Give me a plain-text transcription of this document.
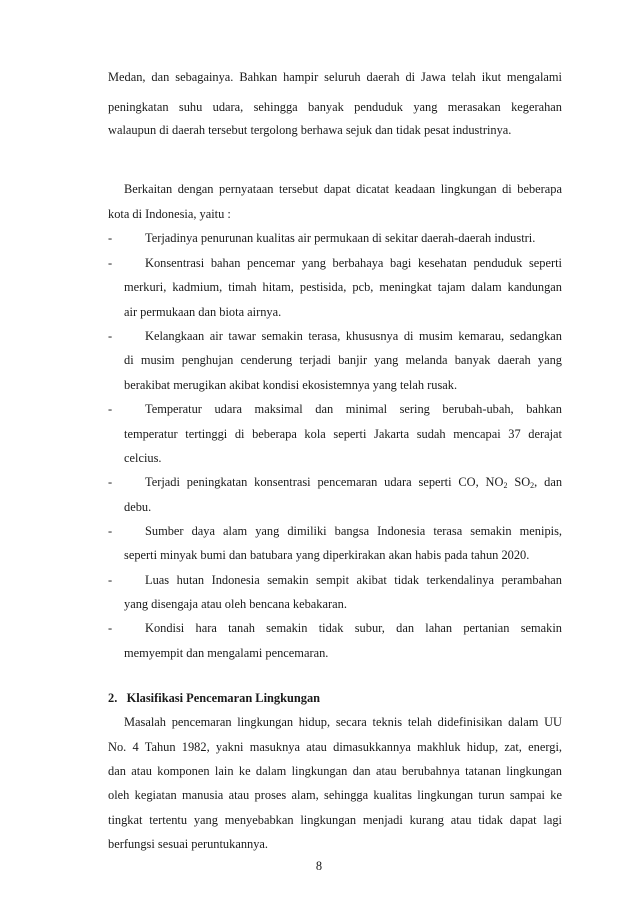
Medan, dan sebagainya. Bahkan hampir seluruh daerah di Jawa telah ikut mengalami
peningkatan suhu udara, sehingga banyak penduduk yang merasakan kegerahan
walaupun di daerah tersebut tergolong berhawa sejuk dan tidak pesat industrinya.
Berkaitan dengan pernyataan tersebut dapat dicatat keadaan lingkungan di beberapa
kota di Indonesia, yaitu :
-	Terjadinya penurunan kualitas air permukaan di sekitar daerah-daerah industri.
-	Konsentrasi bahan pencemar yang berbahaya bagi kesehatan penduduk seperti
merkuri, kadmium, timah hitam, pestisida, pcb, meningkat tajam dalam kandungan
air permukaan dan biota airnya.
-	Kelangkaan air tawar semakin terasa, khususnya di musim kemarau, sedangkan
di musim penghujan cenderung terjadi banjir yang melanda banyak daerah yang
berakibat merugikan akibat kondisi ekosistemnya yang telah rusak.
-	Temperatur udara maksimal dan minimal sering berubah-ubah, bahkan
temperatur tertinggi di beberapa kola seperti Jakarta sudah mencapai 37 derajat
celcius.
-	Terjadi peningkatan konsentrasi pencemaran udara seperti CO, $NO_2$ $SO_2$, dan
debu.
-	Sumber daya alam yang dimiliki bangsa Indonesia terasa semakin menipis,
seperti minyak bumi dan batubara yang diperkirakan akan habis pada tahun 2020.
-	Luas hutan Indonesia semakin sempit akibat tidak terkendalinya perambahan
yang disengaja atau oleh bencana kebakaran.
-	Kondisi hara tanah semakin tidak subur, dan lahan pertanian semakin
memyempit dan mengalami pencemaran.
2.   Klasifikasi Pencemaran Lingkungan
Masalah pencemaran lingkungan hidup, secara teknis telah didefinisikan dalam UU
No. 4 Tahun 1982, yakni masuknya atau dimasukkannya makhluk hidup, zat, energi,
dan atau komponen lain ke dalam lingkungan dan atau berubahnya tatanan lingkungan
oleh kegiatan manusia atau proses alam, sehingga kualitas lingkungan turun sampai ke
tingkat tertentu yang menyebabkan lingkungan menjadi kurang atau tidak dapat lagi
berfungsi sesuai peruntukannya.
8
